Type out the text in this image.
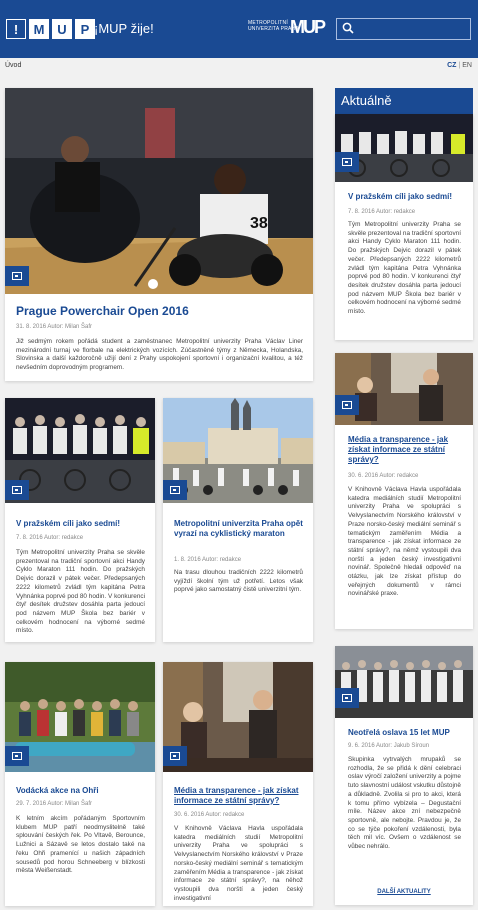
!	M U	P ¡MUP žije!	METROPOLITNÍ
UNIVERZITA PRAHA
MUP
Úvod	CZ | EN
38
Prague Powerchair Open 2016
31. 8. 2016 Autor: Milan Šafr
Již sedmým rokem pořádá student a zaměstnanec Metropolitní univerzity Praha Václav Liner mezinárodní turnaj ve florbale na elektrických vozících. Zúčastněné týmy z Německa, Holandska, Slovinska a další každoročně užijí dení z Prahy uspokojení sportovní i organizační kvalitou, a též nevšedním doprovodným programem.
V pražském cíli jako sedmí!
7. 8. 2016 Autor: redakce
Tým Metropolitní univerzity Praha se skvěle prezentoval na tradiční sportovní akci Handy Cyklo Maraton 111 hodin. Do pražských Dejvic dorazil v pátek večer. Předepsaných 2222 kilometrů zvládl tým kapitána Petra Vyhnánka poprvé pod 80 hodin. V konkurenci čtyř desítek družstev dosáhla parta jedoucí pod názvem MUP Škola bez bariér v celkovém hodnocení na výborné sedmé místo.
Metropolitní univerzita Praha opět vyrazí na cyklistický maraton
1. 8. 2016 Autor: redakce
Na trasu dlouhou tradičních 2222 kilometrů vyjíždí školní tým už potřetí. Letos však poprvé jako samostatný čistě univerzitní tým.
Vodácká akce na Ohři
29. 7. 2016 Autor: Milan Šafr
K letním akcím pořádaným Sportovním klubem MUP patří neodmyslitelně také splouvání českých řek. Po Vltavě, Berounce, Lužnici a Sázavě se letos dostalo také na řeku Ohři pramenící u našich západních sousedů pod horou Schneeberg v blízkosti města Weißenstadt.
Média a transparence - jak získat informace ze státní správy?
30. 6. 2016 Autor: redakce
V Knihovně Václava Havla uspořádala katedra mediálních studií Metropolitní univerzity Praha ve spolupráci s Velvyslanectvím Norského království v Praze norsko-český mediální seminář s tematickým zaměřením Média a transparence - jak získat informace ze státní správy?, na něhož vystoupili dva norští a jeden český investigativní
Aktuálně
V pražském cíli jako sedmí!
7. 8. 2016 Autor: redakce
Tým Metropolitní univerzity Praha se skvěle prezentoval na tradiční sportovní akci Handy Cyklo Maraton 111 hodin. Do pražských Dejvic dorazil v pátek večer. Předepsaných 2222 kilometrů zvládl tým kapitána Petra Vyhnánka poprvé pod 80 hodin. V konkurenci čtyř desítek družstev dosáhla parta jedoucí pod názvem MUP Škola bez bariér v celkovém hodnocení na výborné sedmé místo.
Média a transparence - jak získat informace ze státní správy?
30. 6. 2016 Autor: redakce
V Knihovně Václava Havla uspořádala katedra mediálních studií Metropolitní univerzity Praha ve spolupráci s Velvyslanectvím Norského království v Praze norsko-český mediální seminář s tematickým zaměřením Média a transparence - jak získat informace ze státní správy?, na němž vystoupili dva norští a jeden český investigativní novinář. Společně hledali odpověď na otázku, jak lze získat přístup do veřejných dokumentů v rámci novinářské praxe.
Neotřelá oslava 15 let MUP
9. 6. 2016 Autor: Jakub Síroun
Skupinka vytrvalých mrupaků se rozhodla, že se přidá k dění celebraci oslav výročí založení univerzity a pojme tuto slavnostní událost vskutku důstojně a důkladně. Zvolila si pro to akci, která k tomu přímo vybízela – Degustační míle. Název akce zní nebezpečně sportovně, ale nebojte. Pravdou je, že co se týče pokoření vzdálenosti, byla těch mil víc. Ovšem o vzdálenost se vůbec nehrálo.
DALŠÍ AKTUALITY
